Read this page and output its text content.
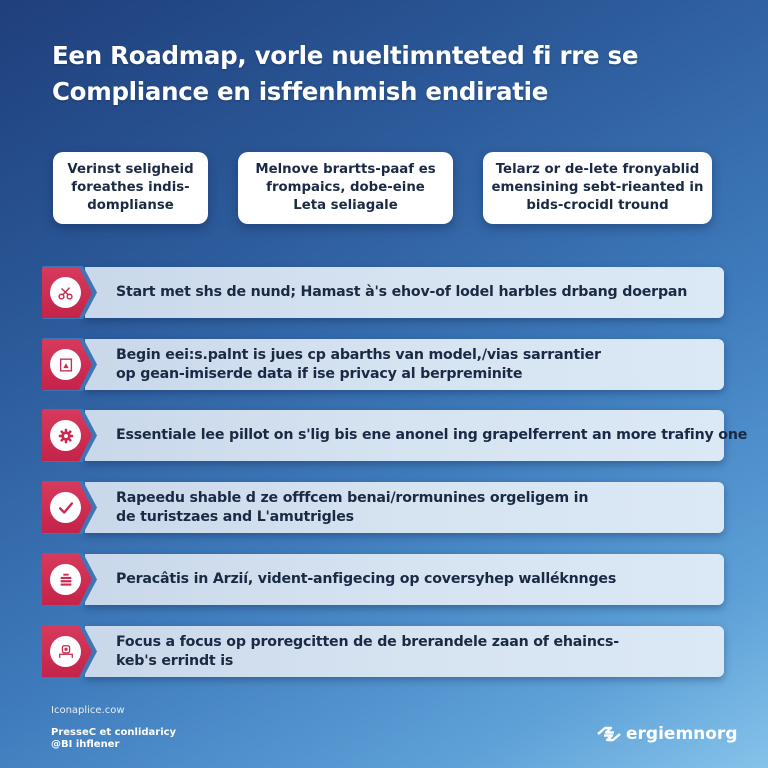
Een Roadmap, vorle nueltimnteted fi rre se
Compliance en isffenhmish endiratie
Verinst seligheid
foreathes indis-
domplianse
Melnove brartts-paaf es
frompaics, dobe-eine
Leta seliagale
Telarz or de-lete fronyablid
emensining sebt-rieanted in
bids-crocidl tround
Start met shs de nund; Hamast à's ehov-of lodel harbles drbang doerpan
Begin eei:s.palnt is jues cp abarths van model,/vias sarrantier
op gean-imiserde data if ise privacy al berpreminite
Essentiale lee pillot on s'lig bis ene anonel ing grapelferrent an more trafiny one
Rapeedu shable d ze offfcem benai/rormunines orgeligem in
de turistzaes and L'amutrigles
Peracâtis in Arzií, vident-anfigecing op coversyhep walléknnges
Focus a focus op proregcitten de de brerandele zaan of ehaincs-
keb's errindt is
Iconaplice.cow
PresseC et conlidaricy
@BI ihflener
ergiemnorg
